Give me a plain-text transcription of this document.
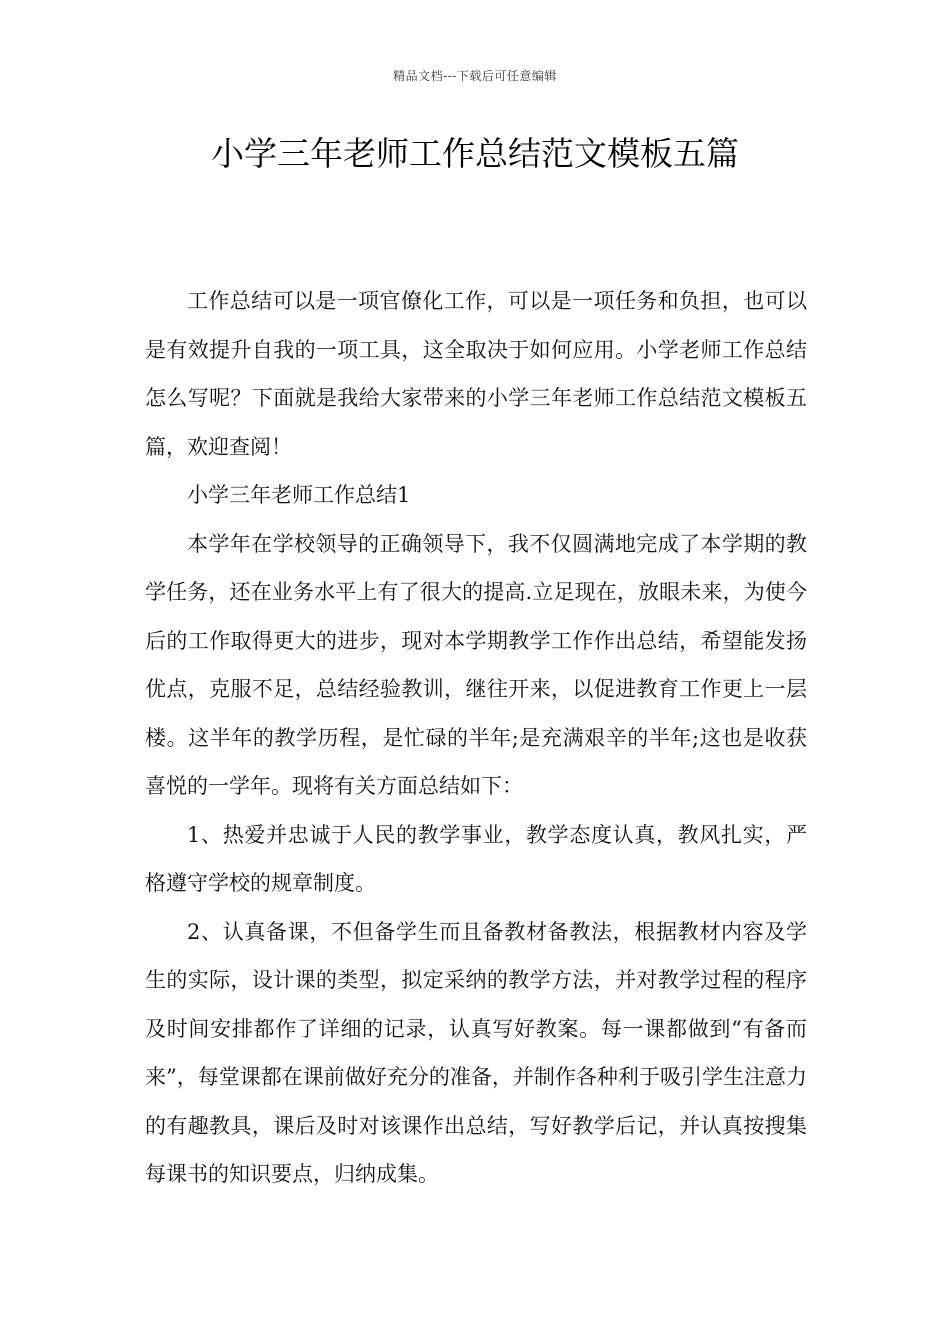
精品文档---下载后可任意编辑
小学三年老师工作总结范文模板五篇

工作总结可以是一项官僚化工作，可以是一项任务和负担，也可以是有效提升自我的一项工具，这全取决于如何应用。小学老师工作总结怎么写呢？下面就是我给大家带来的小学三年老师工作总结范文模板五篇，欢迎查阅！

小学三年老师工作总结1

本学年在学校领导的正确领导下，我不仅圆满地完成了本学期的教学任务，还在业务水平上有了很大的提高.立足现在，放眼未来，为使今后的工作取得更大的进步，现对本学期教学工作作出总结，希望能发扬优点，克服不足，总结经验教训，继往开来，以促进教育工作更上一层楼。这半年的教学历程，是忙碌的半年;是充满艰辛的半年;这也是收获喜悦的一学年。现将有关方面总结如下：

1、热爱并忠诚于人民的教学事业，教学态度认真，教风扎实，严格遵守学校的规章制度。

2、认真备课，不但备学生而且备教材备教法，根据教材内容及学生的实际，设计课的类型，拟定采纳的教学方法，并对教学过程的程序及时间安排都作了详细的记录，认真写好教案。每一课都做到“有备而来”，每堂课都在课前做好充分的准备，并制作各种利于吸引学生注意力的有趣教具，课后及时对该课作出总结，写好教学后记，并认真按搜集每课书的知识要点，归纳成集。
